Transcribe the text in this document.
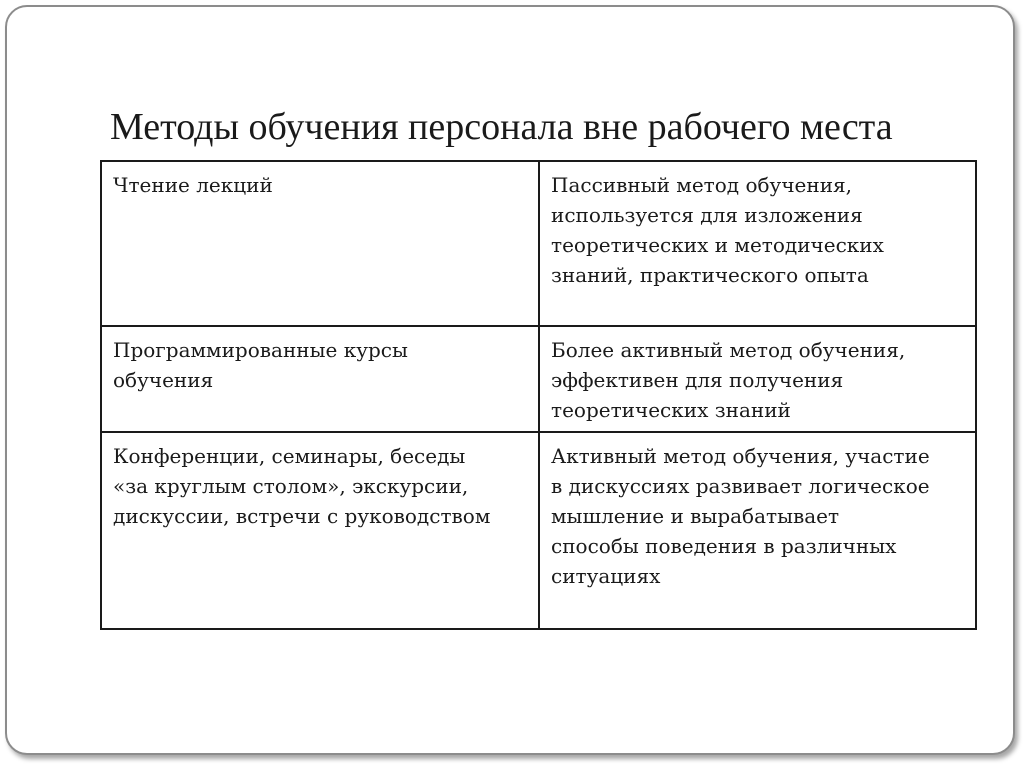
Методы обучения персонала вне рабочего места
Чтение лекций	Пассивный метод обучения,
используется для изложения
теоретических и методических
знаний, практического опыта

Программированные курсы
обучения	Более активный метод обучения,
эффективен для получения
теоретических знаний

Конференции, семинары, беседы
«за круглым столом», экскурсии,
дискуссии, встречи с руководством	Активный метод обучения, участие
в дискуссиях развивает логическое
мышление и вырабатывает
способы поведения в различных
ситуациях
